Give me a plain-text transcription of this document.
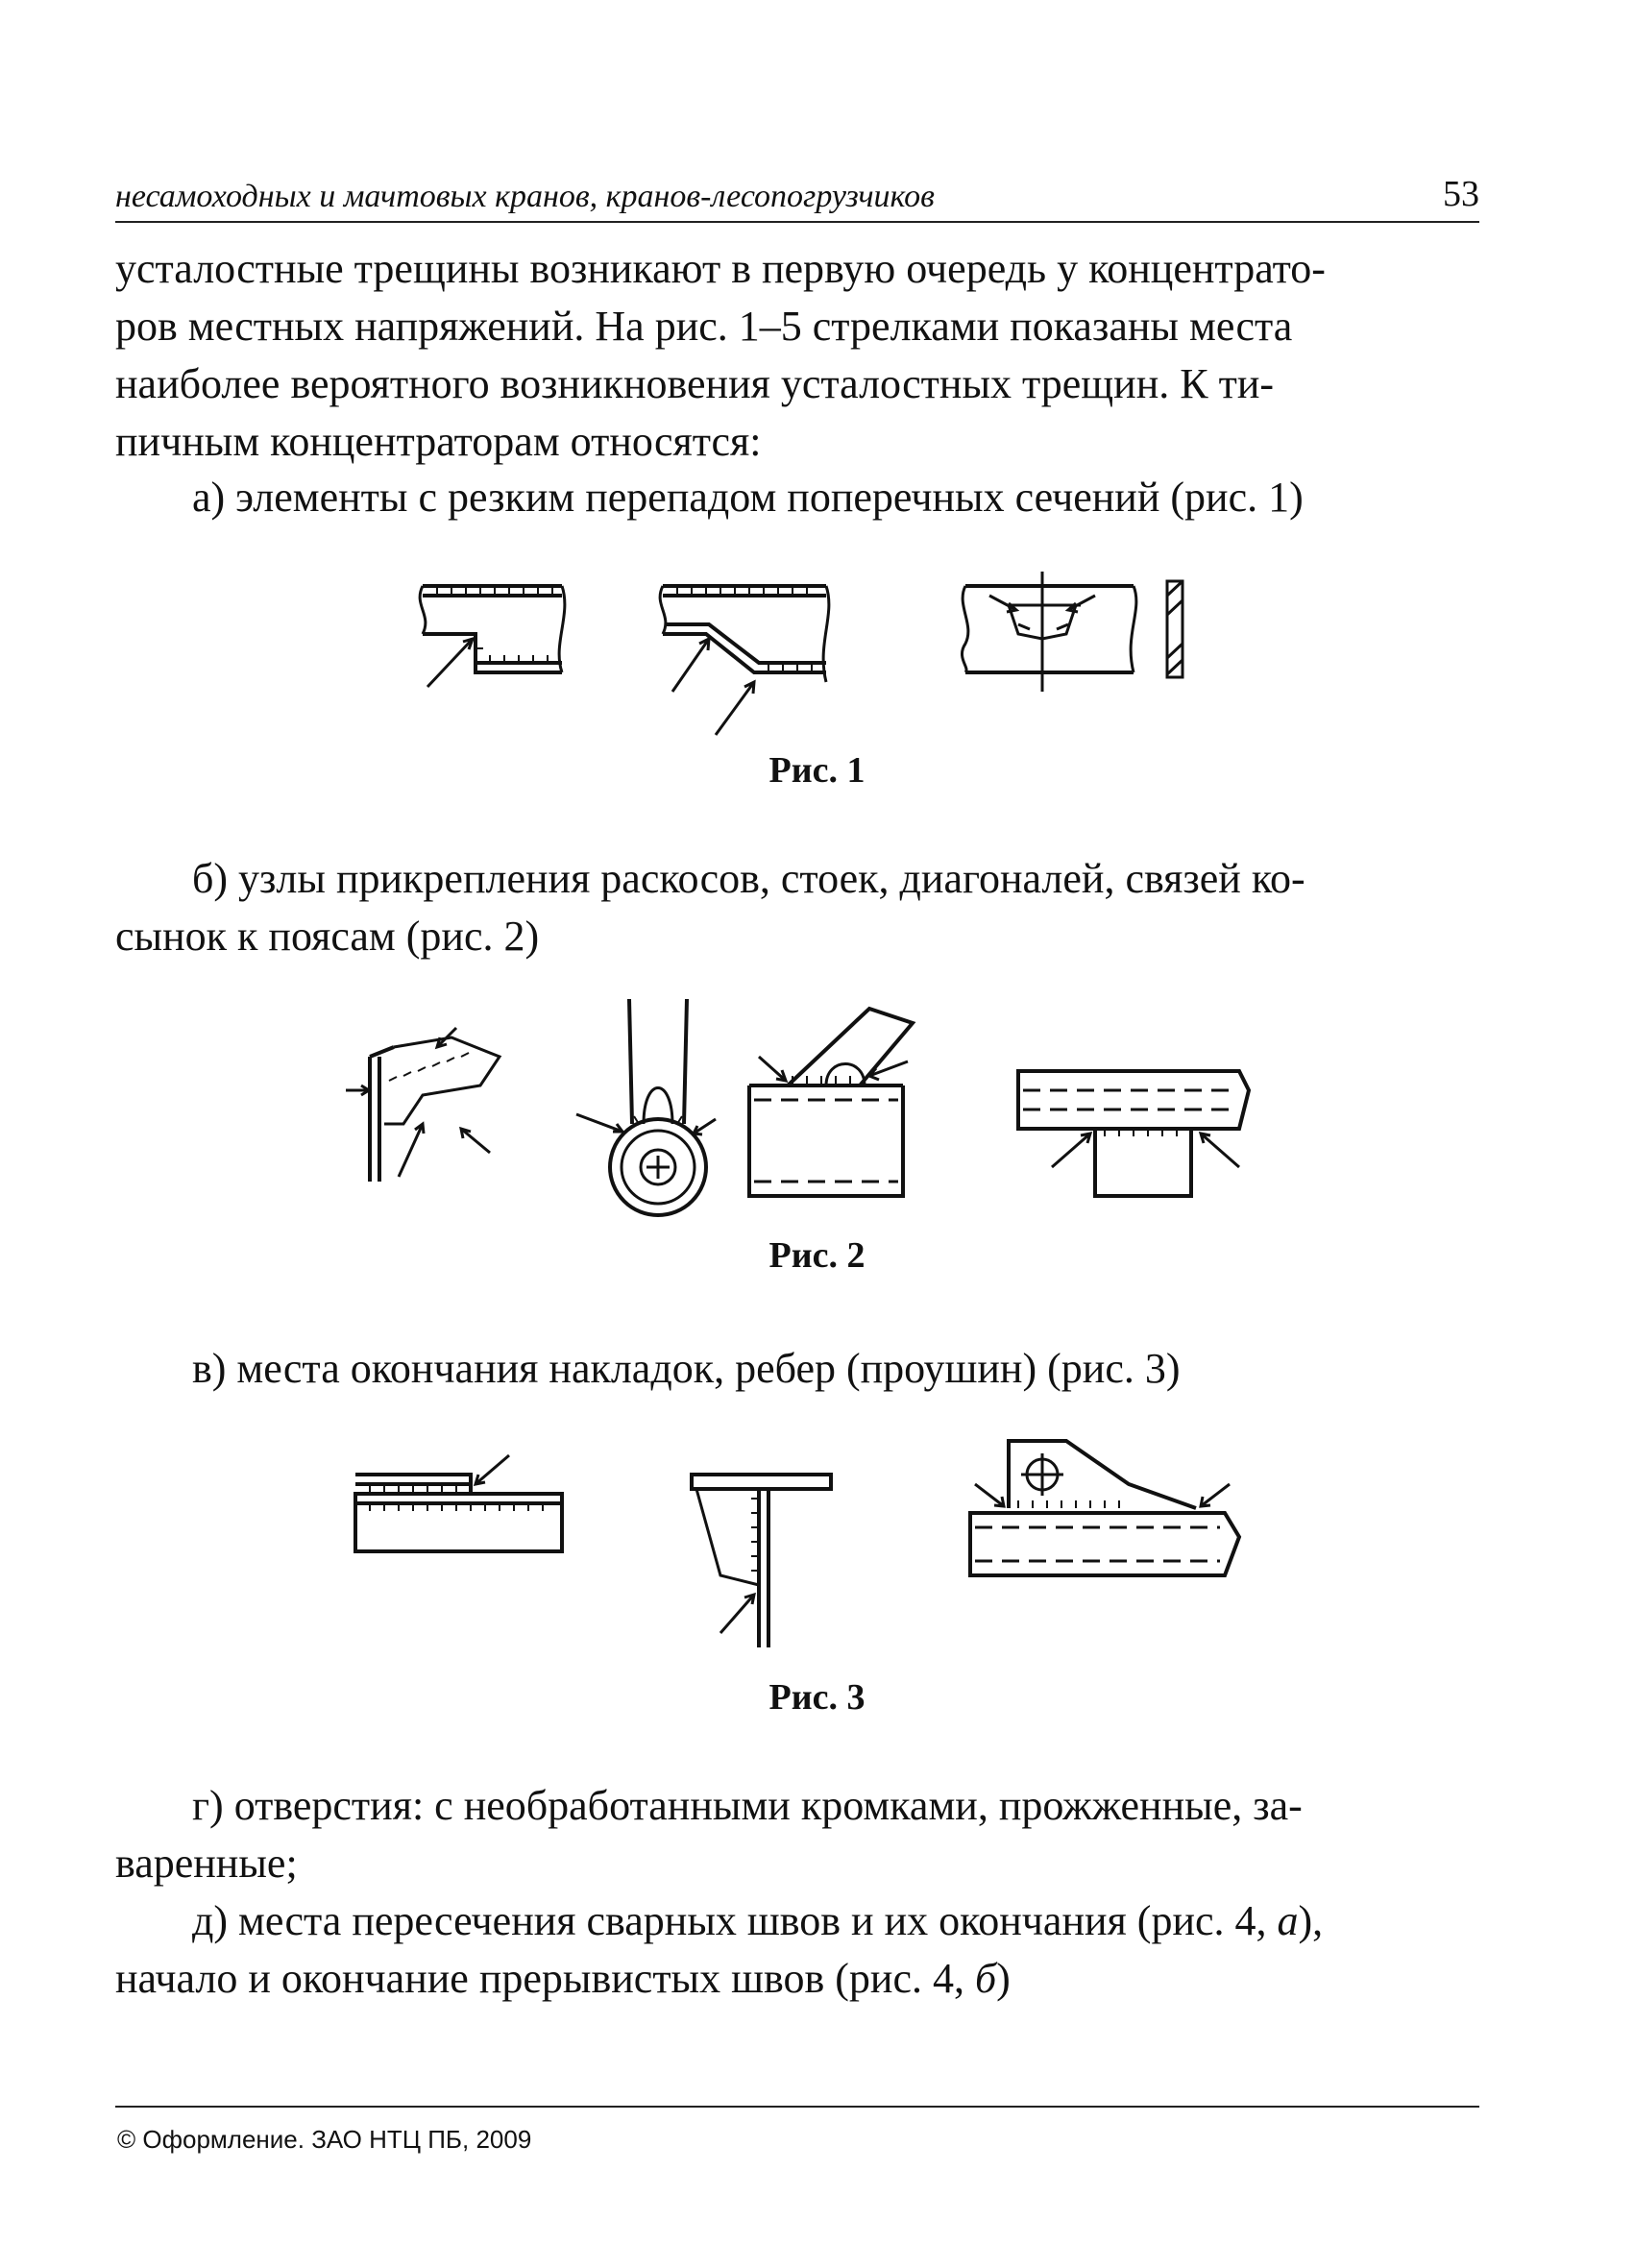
несамоходных и мачтовых кранов, кранов-лесопогрузчиков	53
усталостные трещины возникают в первую очередь у концентрато-
ров местных напряжений. На рис. 1–5 стрелками показаны места
наиболее вероятного возникновения усталостных трещин. К ти-
пичным концентраторам относятся:
а) элементы с резким перепадом поперечных сечений (рис. 1)
Рис. 1
б) узлы прикрепления раскосов, стоек, диагоналей, связей ко-
сынок к поясам (рис. 2)
Рис. 2
в) места окончания накладок, ребер (проушин) (рис. 3)
Рис. 3
г) отверстия: с необработанными кромками, прожженные, за-
варенные;
д) места пересечения сварных швов и их окончания (рис. 4, а),
начало и окончание прерывистых швов (рис. 4, б)
© Оформление. ЗАО НТЦ ПБ, 2009
